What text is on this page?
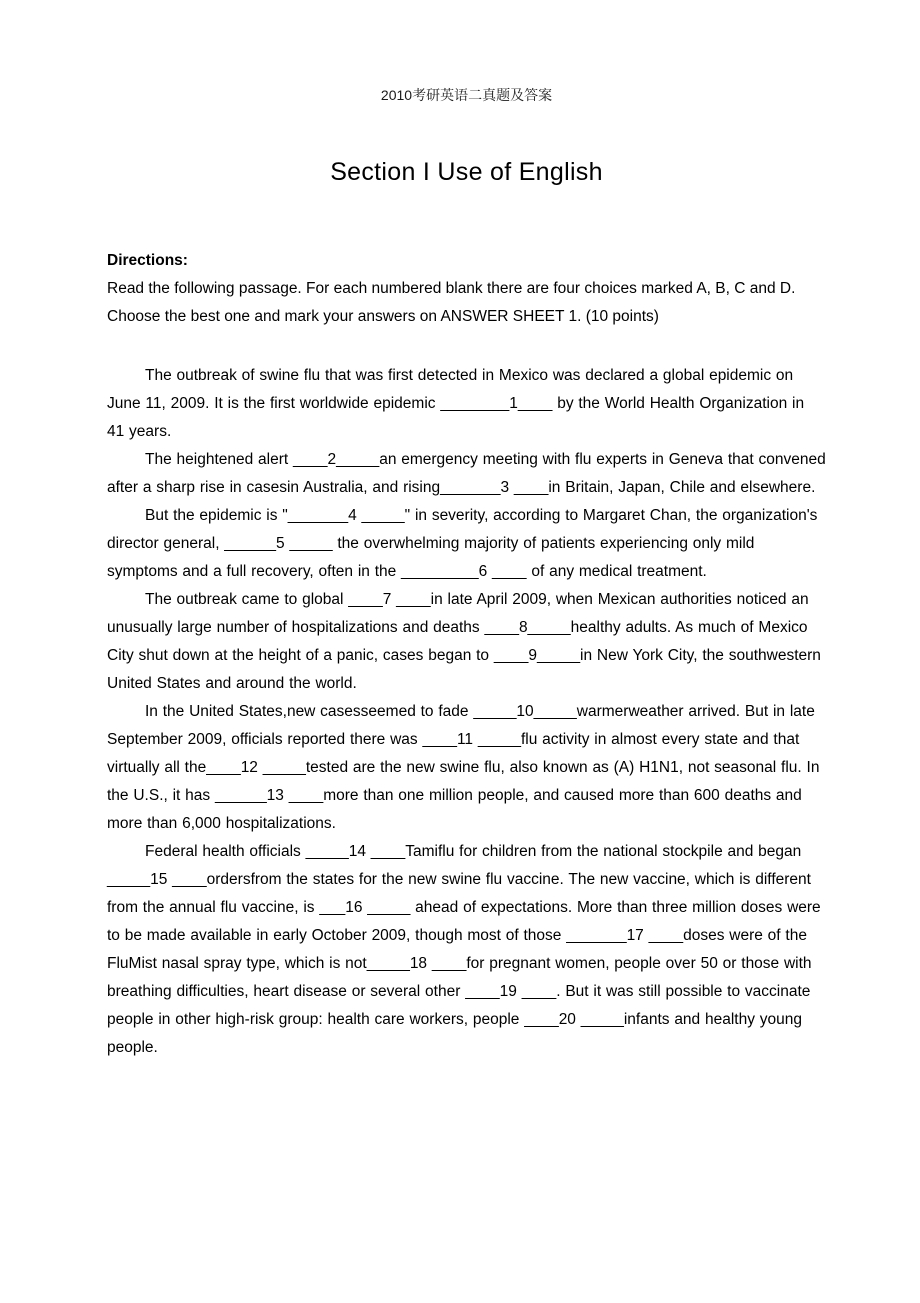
2010考研英语二真题及答案
Section I Use of English
Directions:
Read the following passage. For each numbered blank there are four choices marked A, B, C and D. Choose the best one and mark your answers on ANSWER SHEET 1. (10 points)

The outbreak of swine flu that was first detected in Mexico was declared a global epidemic on June 11, 2009. It is the first worldwide epidemic ________1____ by the World Health Organization in 41 years.

The heightened alert ____2_____an emergency meeting with flu experts in Geneva that convened after a sharp rise in casesin Australia, and rising_______3 ____in Britain, Japan, Chile and elsewhere.

But the epidemic is "_______4 _____" in severity, according to Margaret Chan, the organization's director general, ______5 _____ the overwhelming majority of patients experiencing only mild symptoms and a full recovery, often in the _________6 ____ of any medical treatment.

The outbreak came to global ____7 ____in late April 2009, when Mexican authorities noticed an unusually large number of hospitalizations and deaths ____8_____healthy adults. As much of Mexico City shut down at the height of a panic, cases began to ____9_____in New York City, the southwestern United States and around the world.

In the United States,new casesseemed to fade _____10_____warmerweather arrived. But in late September 2009, officials reported there was ____11 _____flu activity in almost every state and that virtually all the____12 _____tested are the new swine flu, also known as (A) H1N1, not seasonal flu. In the U.S., it has ______13 ____more than one million people, and caused more than 600 deaths and more than 6,000 hospitalizations.

Federal health officials _____14 ____Tamiflu for children from the national stockpile and began _____15 ____ordersfrom the states for the new swine flu vaccine. The new vaccine, which is different from the annual flu vaccine, is ___16 _____ ahead of expectations. More than three million doses were to be made available in early October 2009, though most of those _______17 ____doses were of the FluMist nasal spray type, which is not_____18 ____for pregnant women, people over 50 or those with breathing difficulties, heart disease or several other ____19 ____. But it was still possible to vaccinate people in other high-risk group: health care workers, people ____20 _____infants and healthy young people.
